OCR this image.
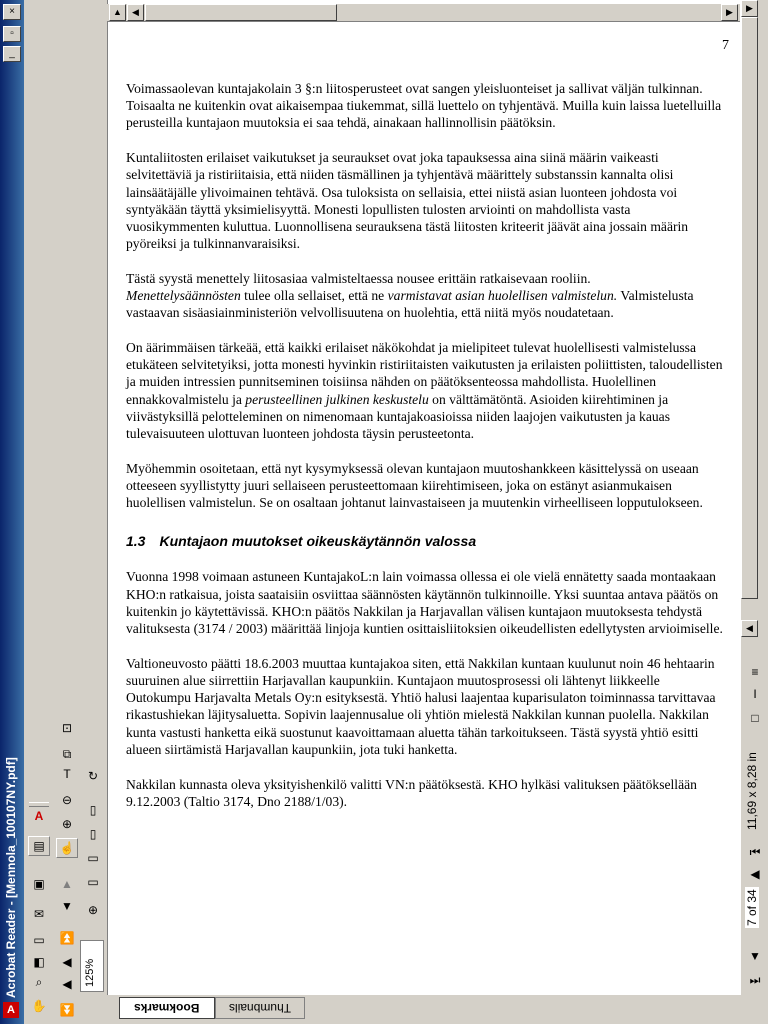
×
▫
_
Acrobat Reader - [Mennola_100107NY.pdf]
A
A
▤
▣
✉
▭
◧
⌕
✋
⊡
⧉
T
⊖
⊕
☝
▲
▼
⏫
◀
◀
⏬
↻
▯
▯
▭
▭
⊕
125%
7

Voimassaolevan kuntajakolain 3 §:n liitosperusteet ovat sangen yleisluonteiset ja sallivat väljän tulkinnan. Toisaalta ne kuitenkin ovat aikaisempaa tiukemmat, sillä luettelo on tyhjentävä. Muilla kuin laissa luetelluilla perusteilla kuntajaon muutoksia ei saa tehdä, ainakaan hallinnollisin päätöksin.

Kuntaliitosten erilaiset vaikutukset ja seuraukset ovat joka tapauksessa aina siinä määrin vaikeasti selvitettäviä ja ristiriitaisia, että niiden täsmällinen ja tyhjentävä määrittely substanssin kannalta olisi lainsäätäjälle ylivoimainen tehtävä. Osa tuloksista on sellaisia, ettei niistä asian luonteen johdosta voi syntyäkään täyttä yksimielisyyttä. Monesti lopullisten tulosten arviointi on mahdollista vasta vuosikymmenten kuluttua. Luonnollisena seurauksena tästä liitosten kriteerit jäävät aina jossain määrin pyöreiksi ja tulkinnanvaraisiksi.

Tästä syystä menettely liitosasiaa valmisteltaessa nousee erittäin ratkaisevaan rooliin.
Menettelysäännösten tulee olla sellaiset, että ne varmistavat asian huolellisen valmistelun. Valmistelusta vastaavan sisäasiainministeriön velvollisuutena on huolehtia, että niitä myös noudatetaan.

On äärimmäisen tärkeää, että kaikki erilaiset näkökohdat ja mielipiteet tulevat huolellisesti valmistelussa etukäteen selvitetyiksi, jotta monesti hyvinkin ristiriitaisten vaikutusten ja erilaisten poliittisten, taloudellisten ja muiden intressien punnitseminen toisiinsa nähden on päätöksenteossa mahdollista. Huolellinen ennakkovalmistelu ja perusteellinen julkinen keskustelu on välttämätöntä. Asioiden kiirehtiminen ja viivästyksillä pelotteleminen on nimenomaan kuntajakoasioissa niiden laajojen vaikutusten ja kauas tulevaisuuteen ulottuvan luonteen johdosta täysin perusteetonta.

Myöhemmin osoitetaan, että nyt kysymyksessä olevan kuntajaon muutoshankkeen käsittelyssä on useaan otteeseen syyllistytty juuri sellaiseen perusteettomaan kiirehtimiseen, joka on estänyt asianmukaisen huolellisen valmistelun. Se on osaltaan johtanut lainvastaiseen ja muutenkin virheelliseen lopputulokseen.

1.3 Kuntajaon muutokset oikeuskäytännön valossa

Vuonna 1998 voimaan astuneen KuntajakoL:n lain voimassa ollessa ei ole vielä ennätetty saada montaakaan KHO:n ratkaisua, joista saataisiin osviittaa säännösten käytännön tulkinnoille. Yksi suuntaa antava päätös on kuitenkin jo käytettävissä. KHO:n päätös Nakkilan ja Harjavallan välisen kuntajaon muutoksesta tehdystä valituksesta (3174 / 2003) määrittää linjoja kuntien osittaisliitoksien oikeudellisten edellytysten arvioimiselle.

Valtioneuvosto päätti 18.6.2003 muuttaa kuntajakoa siten, että Nakkilan kuntaan kuulunut noin 46 hehtaarin suuruinen alue siirrettiin Harjavallan kaupunkiin. Kuntajaon muutosprosessi oli lähtenyt liikkeelle Outokumpu Harjavalta Metals Oy:n esityksestä. Yhtiö halusi laajentaa kuparisulaton toiminnassa tarvittavaa rikastushiekan läjitysaluetta. Sopivin laajennusalue oli yhtiön mielestä Nakkilan kunnan puolella. Nakkilan kunta vastusti hanketta eikä suostunut kaavoittamaan aluetta tähän tarkoitukseen. Tästä syystä yhtiö esitti alueen siirtämistä Harjavallan kaupunkiin, jota tuki hanketta.

Nakkilan kunnasta oleva yksityishenkilö valitti VN:n päätöksestä. KHO hylkäsi valituksen päätöksellään 9.12.2003 (Taltio 3174, Dno 2188/1/03).

▲	◀	▶	▶
◀
≡
I
□
11,69 x 8,28 in
⏮
◀
7 of 34
▼
⏭
Bookmarks	Thumbnails
